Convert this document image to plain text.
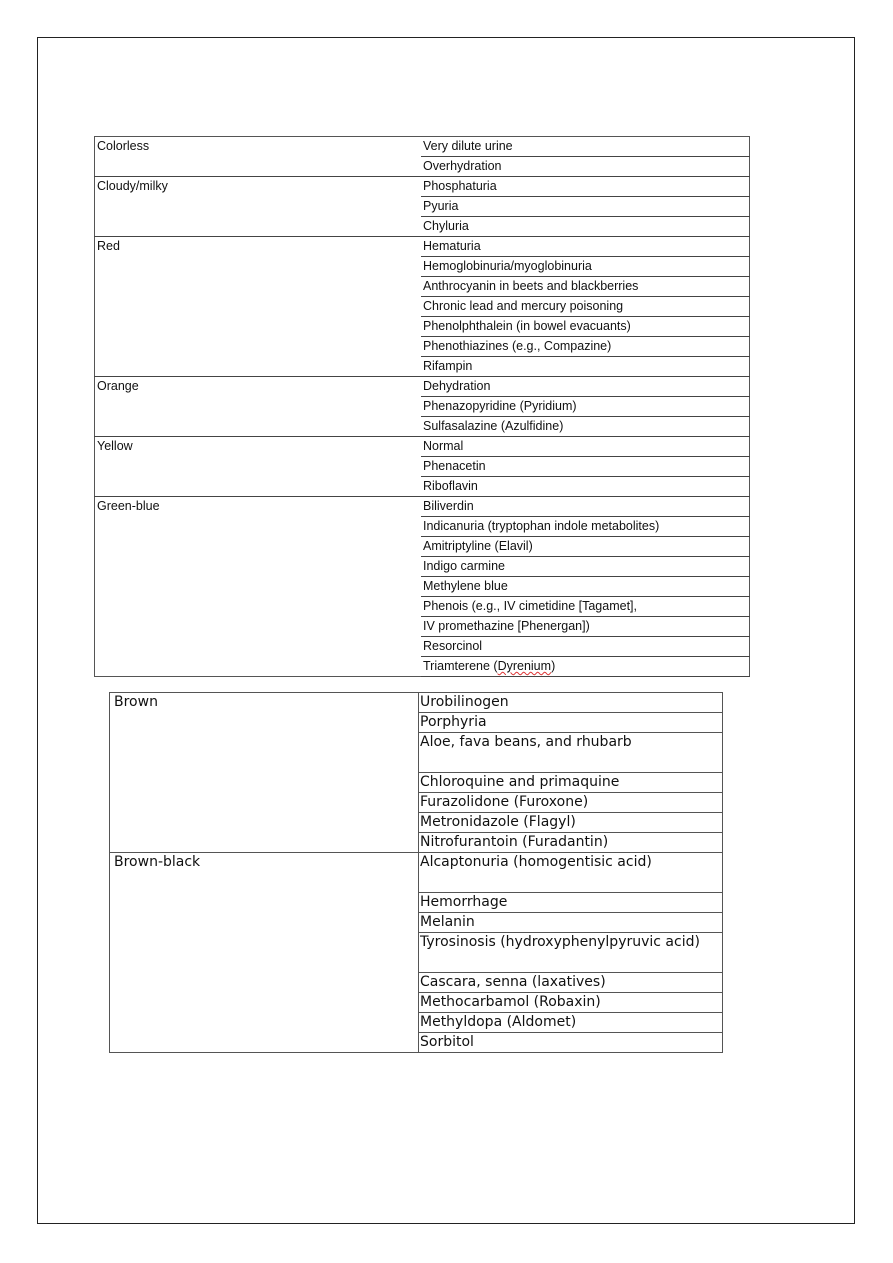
Colorless	Very dilute urine
	Overhydration
Cloudy/milky	Phosphaturia
	Pyuria
	Chyluria
Red	Hematuria
	Hemoglobinuria/myoglobinuria
	Anthrocyanin in beets and blackberries
	Chronic lead and mercury poisoning
	Phenolphthalein (in bowel evacuants)
	Phenothiazines (e.g., Compazine)
	Rifampin
Orange	Dehydration
	Phenazopyridine (Pyridium)
	Sulfasalazine (Azulfidine)
Yellow	Normal
	Phenacetin
	Riboflavin
Green-blue	Biliverdin
	Indicanuria (tryptophan indole metabolites)
	Amitriptyline (Elavil)
	Indigo carmine
	Methylene blue
	Phenois (e.g., IV cimetidine [Tagamet],
	IV promethazine [Phenergan])
	Resorcinol
	Triamterene (Dyrenium)
Brown	Urobilinogen
	Porphyria
	Aloe, fava beans, and rhubarb
	Chloroquine and primaquine
	Furazolidone (Furoxone)
	Metronidazole (Flagyl)
	Nitrofurantoin (Furadantin)
Brown-black	Alcaptonuria (homogentisic acid)
	Hemorrhage
	Melanin
	Tyrosinosis (hydroxyphenylpyruvic acid)
	Cascara, senna (laxatives)
	Methocarbamol (Robaxin)
	Methyldopa (Aldomet)
	Sorbitol
